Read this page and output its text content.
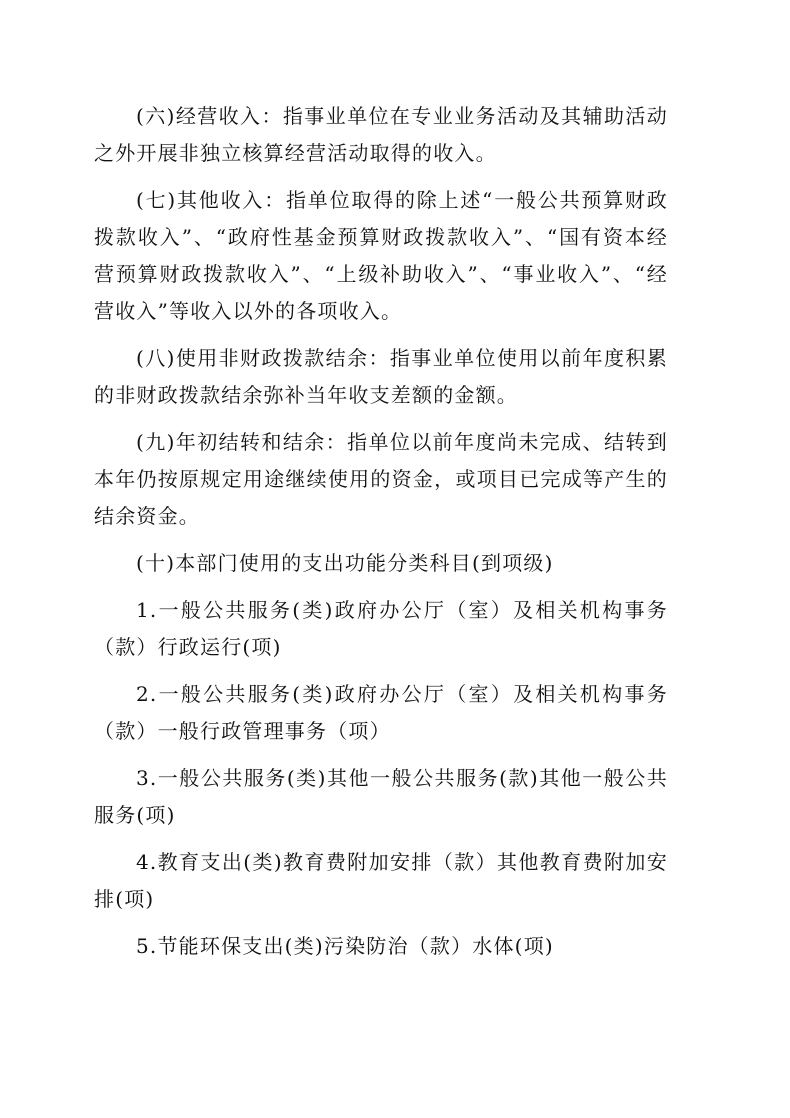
(六)经营收入：指事业单位在专业业务活动及其辅助活动之外开展非独立核算经营活动取得的收入。

(七)其他收入：指单位取得的除上述“一般公共预算财政拨款收入”、“政府性基金预算财政拨款收入”、“国有资本经营预算财政拨款收入”、“上级补助收入”、“事业收入”、“经营收入”等收入以外的各项收入。

(八)使用非财政拨款结余：指事业单位使用以前年度积累的非财政拨款结余弥补当年收支差额的金额。

(九)年初结转和结余：指单位以前年度尚未完成、结转到本年仍按原规定用途继续使用的资金，或项目已完成等产生的结余资金。

(十)本部门使用的支出功能分类科目(到项级)

1.一般公共服务(类)政府办公厅（室）及相关机构事务（款）行政运行(项)

2.一般公共服务(类)政府办公厅（室）及相关机构事务（款）一般行政管理事务（项）

3.一般公共服务(类)其他一般公共服务(款)其他一般公共服务(项)

4.教育支出(类)教育费附加安排（款）其他教育费附加安排(项)

5.节能环保支出(类)污染防治（款）水体(项)
